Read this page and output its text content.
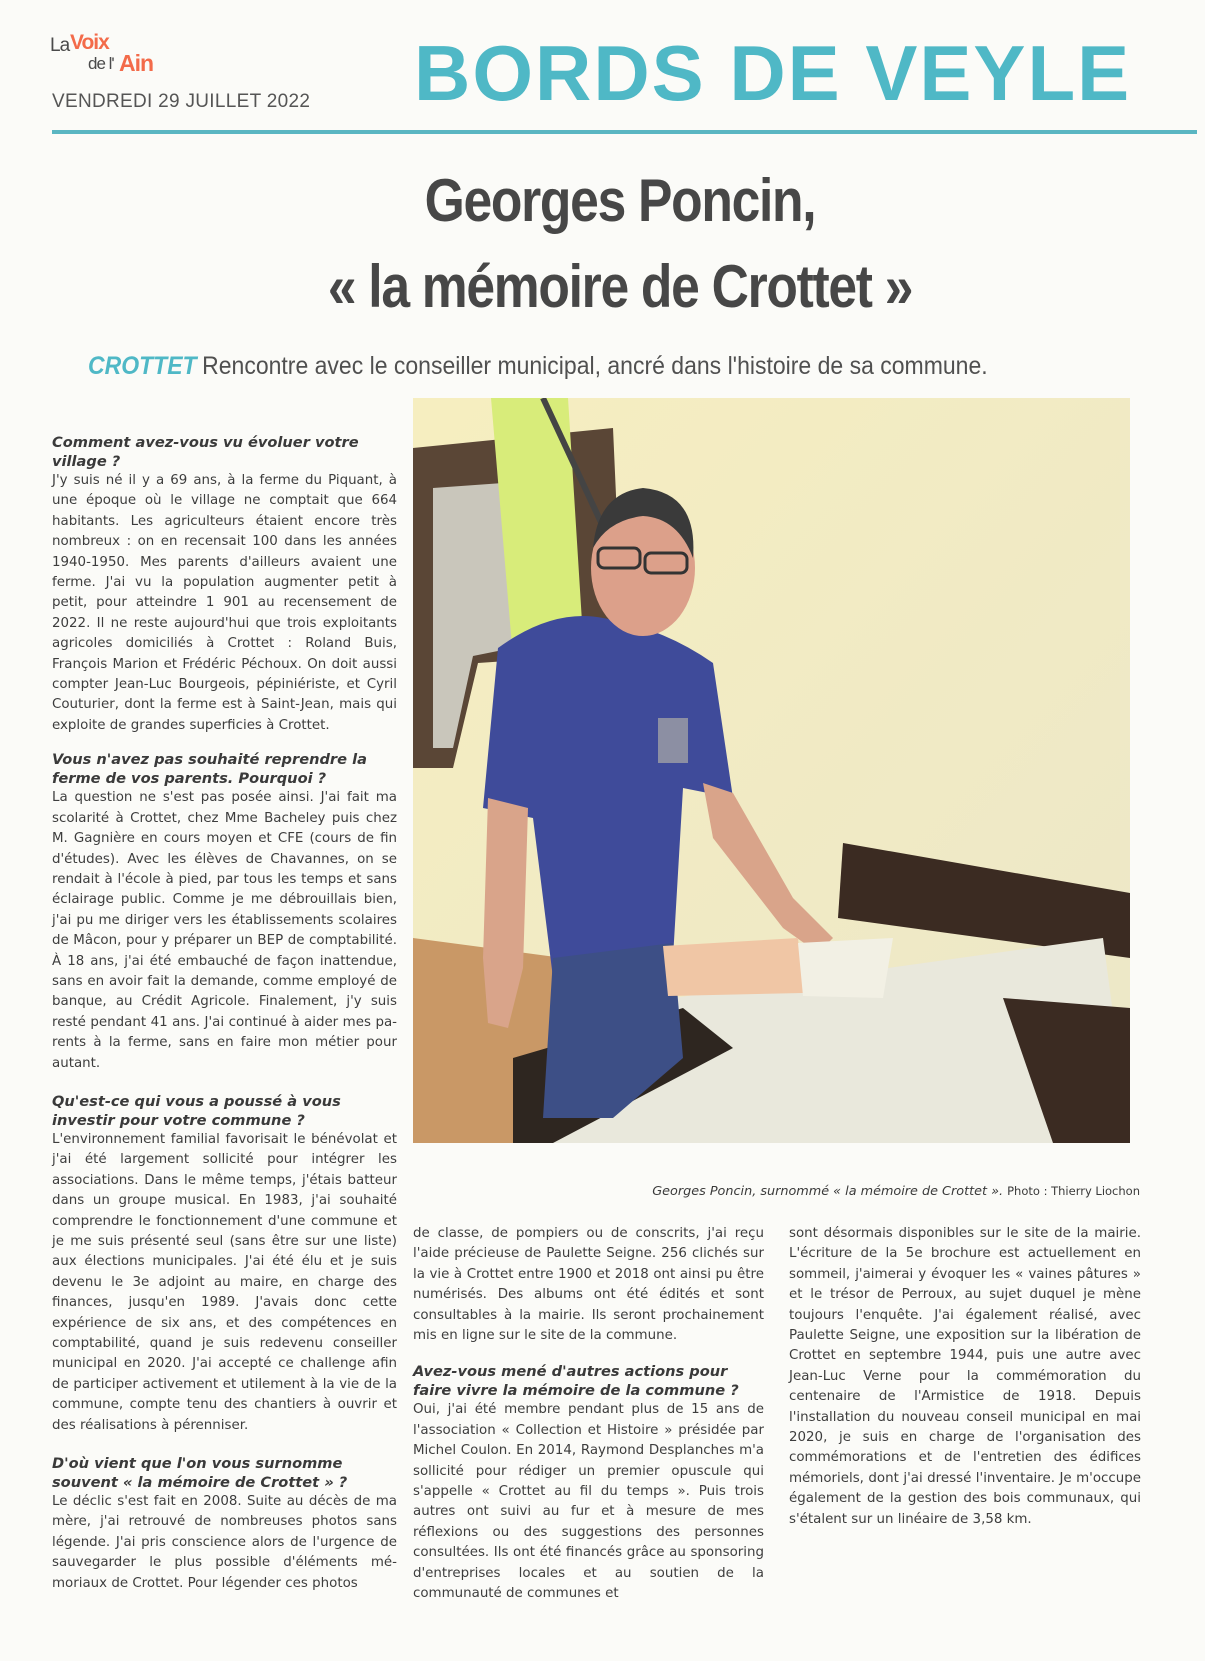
La Voix
de l' Ain
VENDREDI 29 JUILLET 2022 BORDS DE VEYLE
Georges Poncin,
« la mémoire de Crottet »
CROTTET Rencontre avec le conseiller municipal, ancré dans l'histoire de sa commune.

Comment avez-vous vu évoluer votre village ?

J'y suis né il y a 69 ans, à la ferme du Piquant, à une époque où le village ne comptait que 664 habitants. Les agriculteurs étaient encore très nombreux : on en recensait 100 dans les années 1940-1950. Mes parents d'ailleurs avaient une ferme. J'ai vu la population augmenter petit à petit, pour atteindre 1 901 au recensement de 2022. Il ne reste aujourd'hui que trois exploitants agricoles domiciliés à Crottet : Roland Buis, François Marion et Frédéric Péchoux. On doit aussi compter Jean-Luc Bourgeois, pépiniériste, et Cyril Couturier, dont la ferme est à Saint-Jean, mais qui exploite de grandes superficies à Crottet.

Vous n'avez pas souhaité reprendre la ferme de vos parents. Pourquoi ?

La question ne s'est pas posée ainsi. J'ai fait ma scolarité à Crottet, chez Mme Bacheley puis chez M. Gagnière en cours moyen et CFE (cours de fin d'études). Avec les élèves de Chavannes, on se rendait à l'école à pied, par tous les temps et sans éclairage public. Comme je me débrouillais bien, j'ai pu me diriger vers les établissements scolaires de Mâcon, pour y préparer un BEP de comptabilité. À 18 ans, j'ai été embauché de façon inattendue, sans en avoir fait la demande, comme employé de banque, au Crédit Agricole. Finalement, j'y suis resté pendant 41 ans. J'ai continué à aider mes parents à la ferme, sans en faire mon métier pour autant.

Qu'est-ce qui vous a poussé à vous investir pour votre commune ?

L'environnement familial favorisait le bénévolat et j'ai été largement sollicité pour intégrer les associations. Dans le même temps, j'étais batteur dans un groupe musical. En 1983, j'ai souhaité comprendre le fonctionnement d'une commune et je me suis présenté seul (sans être sur une liste) aux élections municipales. J'ai été élu et je suis devenu le 3e adjoint au maire, en charge des finances, jusqu'en 1989. J'avais donc cette expérience de six ans, et des compétences en comptabilité, quand je suis redevenu conseiller municipal en 2020. J'ai accepté ce challenge afin de participer activement et utilement à la vie de la commune, compte tenu des chantiers à ouvrir et des réalisations à pérenniser.

D'où vient que l'on vous surnomme souvent « la mémoire de Crottet » ?

Le déclic s'est fait en 2008. Suite au décès de ma mère, j'ai retrouvé de nombreuses photos sans légende. J'ai pris conscience alors de l'urgence de sauvegarder le plus possible d'éléments mémoriaux de Crottet. Pour légender ces photos

Georges Poncin, surnommé « la mémoire de Crottet ». Photo : Thierry Liochon

de classe, de pompiers ou de conscrits, j'ai reçu l'aide précieuse de Paulette Seigne. 256 clichés sur la vie à Crottet entre 1900 et 2018 ont ainsi pu être numérisés. Des albums ont été édités et sont consultables à la mairie. Ils seront prochainement mis en ligne sur le site de la commune.

Avez-vous mené d'autres actions pour faire vivre la mémoire de la commune ?

Oui, j'ai été membre pendant plus de 15 ans de l'association « Collection et Histoire » présidée par Michel Coulon. En 2014, Raymond Desplanches m'a sollicité pour rédiger un premier opuscule qui s'appelle « Crottet au fil du temps ». Puis trois autres ont suivi au fur et à mesure de mes réflexions ou des suggestions des personnes consultées. Ils ont été financés grâce au sponsoring d'entreprises locales et au soutien de la communauté de communes et

sont désormais disponibles sur le site de la mairie. L'écriture de la 5e brochure est actuellement en sommeil, j'aimerai y évoquer les « vaines pâtures » et le trésor de Perroux, au sujet duquel je mène toujours l'enquête. J'ai également réalisé, avec Paulette Seigne, une exposition sur la libération de Crottet en septembre 1944, puis une autre avec Jean-Luc Verne pour la commémoration du centenaire de l'Armistice de 1918. Depuis l'installation du nouveau conseil municipal en mai 2020, je suis en charge de l'organisation des commémorations et de l'entretien des édifices mémoriels, dont j'ai dressé l'inventaire. Je m'occupe également de la gestion des bois communaux, qui s'étalent sur un linéaire de 3,58 km.
